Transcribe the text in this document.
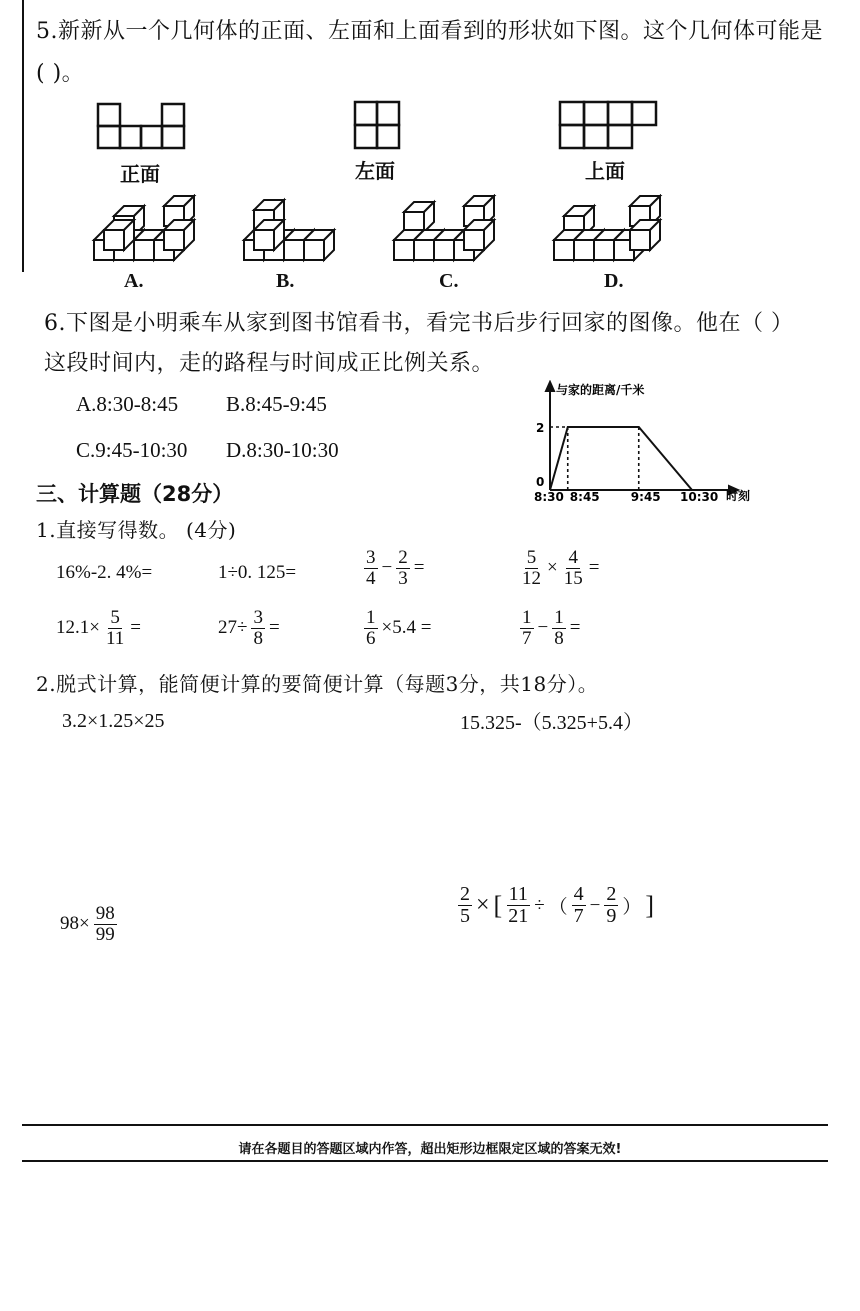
5.新新从一个几何体的正面、左面和上面看到的形状如下图。这个几何体可能是
( )。
正面	左面	上面
A.	B.	C.	D.
6.下图是小明乘车从家到图书馆看书，看完书后步行回家的图像。他在（ ）
这段时间内，走的路程与时间成正比例关系。
A.8:30-8:45 B.8:45-9:45
C.9:45-10:30 D.8:30-10:30
与家的距离/千米
时刻
0
2
8:30 8:45	9:45 10:30
三、计算题（28分）
1.直接写得数。 (4分)
16%-2. 4%=	1÷0. 125=	$\frac{3}{4} - \frac{2}{3}$ =	$\frac{5}{12} \times \frac{4}{15}$ =
$12.1\times \frac{5}{11}$ =	$27\div \frac{3}{8}$ =	$\frac{1}{6} \times 5.4$ =	$\frac{1}{7} - \frac{1}{8}$ =
2.脱式计算，能简便计算的要简便计算（每题3分，共18分）。
3.2×1.25×25	15.325-（5.325+5.4）
$98\times \frac{98}{99}$	$\frac{2}{5}$ × [ $\frac{11}{21}$ ÷ （ $\frac{4}{7} - \frac{2}{9}$ ） ]
请在各题目的答题区域内作答，超出矩形边框限定区域的答案无效!
